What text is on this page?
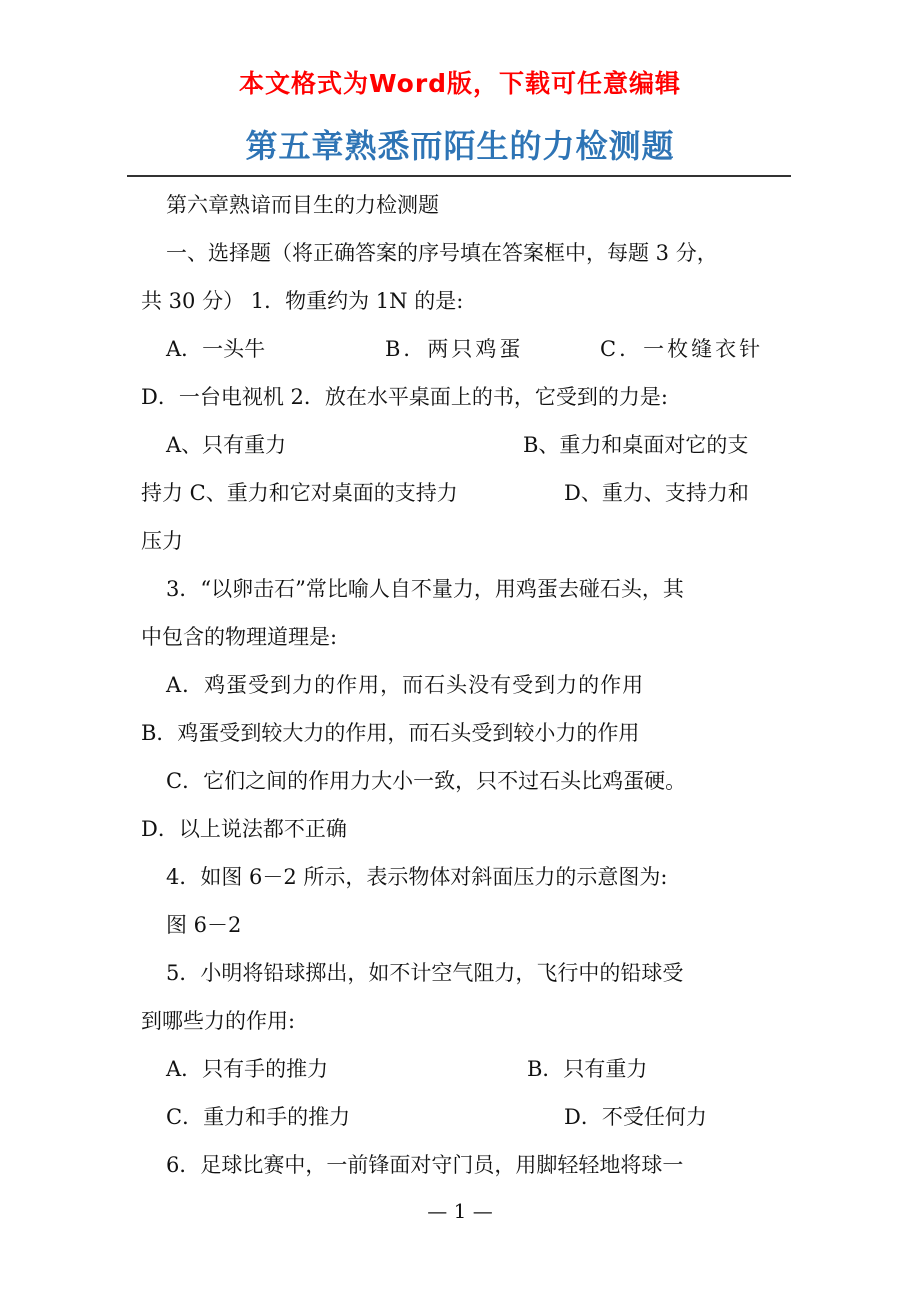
本文格式为Word版，下载可任意编辑
第五章熟悉而陌生的力检测题
第六章熟谙而目生的力检测题
一、选择题（将正确答案的序号填在答案框中，每题 3 分，
共 30 分） 1．物重约为 1N 的是:
A．一头牛	B．两只鸡蛋	C．一枚缝衣针
D．一台电视机 2．放在水平桌面上的书，它受到的力是:
A、只有重力	B、重力和桌面对它的支
持力 C、重力和它对桌面的支持力	D、重力、支持力和
压力
3．“以卵击石”常比喻人自不量力，用鸡蛋去碰石头，其
中包含的物理道理是:
A．鸡蛋受到力的作用，而石头没有受到力的作用
B．鸡蛋受到较大力的作用，而石头受到较小力的作用
C．它们之间的作用力大小一致，只不过石头比鸡蛋硬。
D．以上说法都不正确
4．如图 6－2 所示，表示物体对斜面压力的示意图为:
图 6－2
5．小明将铅球掷出，如不计空气阻力，飞行中的铅球受
到哪些力的作用:
A．只有手的推力	B．只有重力
C．重力和手的推力	D．不受任何力
6．足球比赛中，一前锋面对守门员，用脚轻轻地将球一
— 1 —
